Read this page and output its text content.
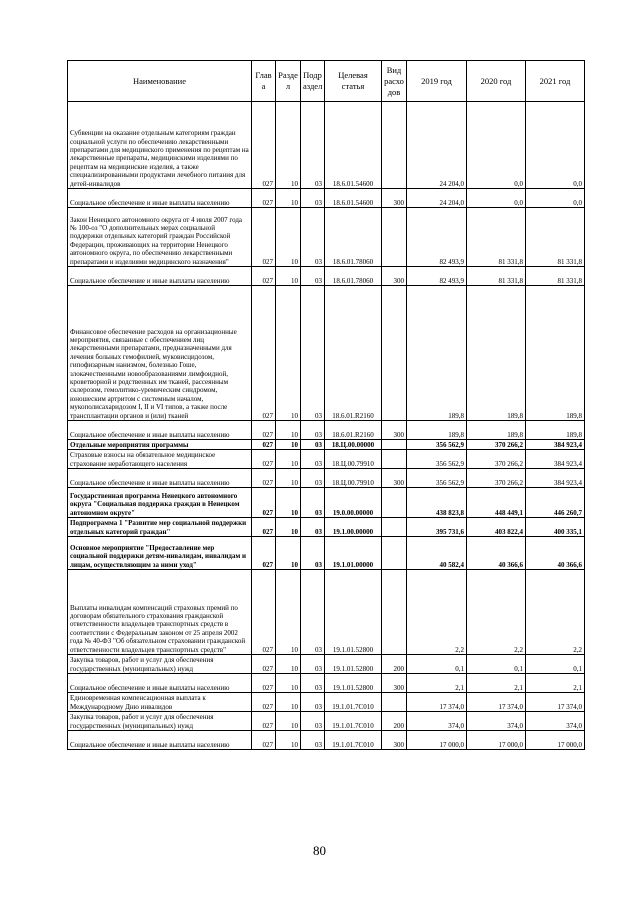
Наименование	Глав а	Разде л	Подр аздел	Целевая статья	Вид расхо дов	2019 год	2020 год	2021 год
Субвенции на оказание отдельным категориям граждан социальной услуги по обеспечению лекарственными препаратами для медицинского применения по рецептам на лекарственные препараты, медицинскими изделиями по рецептам на медицинские изделия, а также специализированными продуктами лечебного питания для детей-инвалидов	027	10	03	18.6.01.54600		24 204,0	0,0	0,0
Социальное обеспечение и иные выплаты населению	027	10	03	18.6.01.54600	300	24 204,0	0,0	0,0
Закон Ненецкого автономного округа от 4 июля 2007 года № 100-оз "О дополнительных мерах социальной поддержки отдельных категорий граждан Российской Федерации, проживающих на территории Ненецкого автономного округа, по обеспечению лекарственными препаратами и изделиями медицинского назначения"	027	10	03	18.6.01.78060		82 493,9	81 331,8	81 331,8
Социальное обеспечение и иные выплаты населению	027	10	03	18.6.01.78060	300	82 493,9	81 331,8	81 331,8
Финансовое обеспечение расходов на организационные мероприятия, связанные с обеспечением лиц лекарственными препаратами, предназначенными для лечения больных гемофилией, муковисцидозом, гипофизарным нанизмом, болезнью Гоше, злокачественными новообразованиями лимфоидной, кроветворной и родственных им тканей, рассеянным склерозом, гемолитико-уремическим синдромом, юношеским артритом с системным началом, мукополисахаридозом I, II и VI типов, а также после трансплантации органов и (или) тканей	027	10	03	18.6.01.R2160		189,8	189,8	189,8
Социальное обеспечение и иные выплаты населению	027	10	03	18.6.01.R2160	300	189,8	189,8	189,8
Отдельные мероприятия программы	027	10	03	18.Ц.00.00000		356 562,9	370 266,2	384 923,4
Страховые взносы на обязательное медицинское страхование неработающего населения	027	10	03	18.Ц.00.79910		356 562,9	370 266,2	384 923,4
Социальное обеспечение и иные выплаты населению	027	10	03	18.Ц.00.79910	300	356 562,9	370 266,2	384 923,4
Государственная программа Ненецкого автономного округа "Социальная поддержка граждан в Ненецком автономном округе"	027	10	03	19.0.00.00000		438 823,8	448 449,1	446 260,7
Подпрограмма 1 "Развитие мер социальной поддержки отдельных категорий граждан"	027	10	03	19.1.00.00000		395 731,6	403 822,4	400 335,1
Основное мероприятие "Предоставление мер социальной поддержки детям-инвалидам, инвалидам и лицам, осуществляющим за ними уход"	027	10	03	19.1.01.00000		40 582,4	40 366,6	40 366,6
Выплаты инвалидам компенсаций страховых премий по договорам обязательного страхования гражданской ответственности владельцев транспортных средств в соответствии с Федеральным законом от 25 апреля 2002 года № 40-ФЗ "Об обязательном страховании гражданской ответственности владельцев транспортных средств"	027	10	03	19.1.01.52800		2,2	2,2	2,2
Закупка товаров, работ и услуг для обеспечения государственных (муниципальных) нужд	027	10	03	19.1.01.52800	200	0,1	0,1	0,1
Социальное обеспечение и иные выплаты населению	027	10	03	19.1.01.52800	300	2,1	2,1	2,1
Единовременная компенсационная выплата к Международному Дню инвалидов	027	10	03	19.1.01.7С010		17 374,0	17 374,0	17 374,0
Закупка товаров, работ и услуг для обеспечения государственных (муниципальных) нужд	027	10	03	19.1.01.7С010	200	374,0	374,0	374,0
Социальное обеспечение и иные выплаты населению	027	10	03	19.1.01.7С010	300	17 000,0	17 000,0	17 000,0
80
